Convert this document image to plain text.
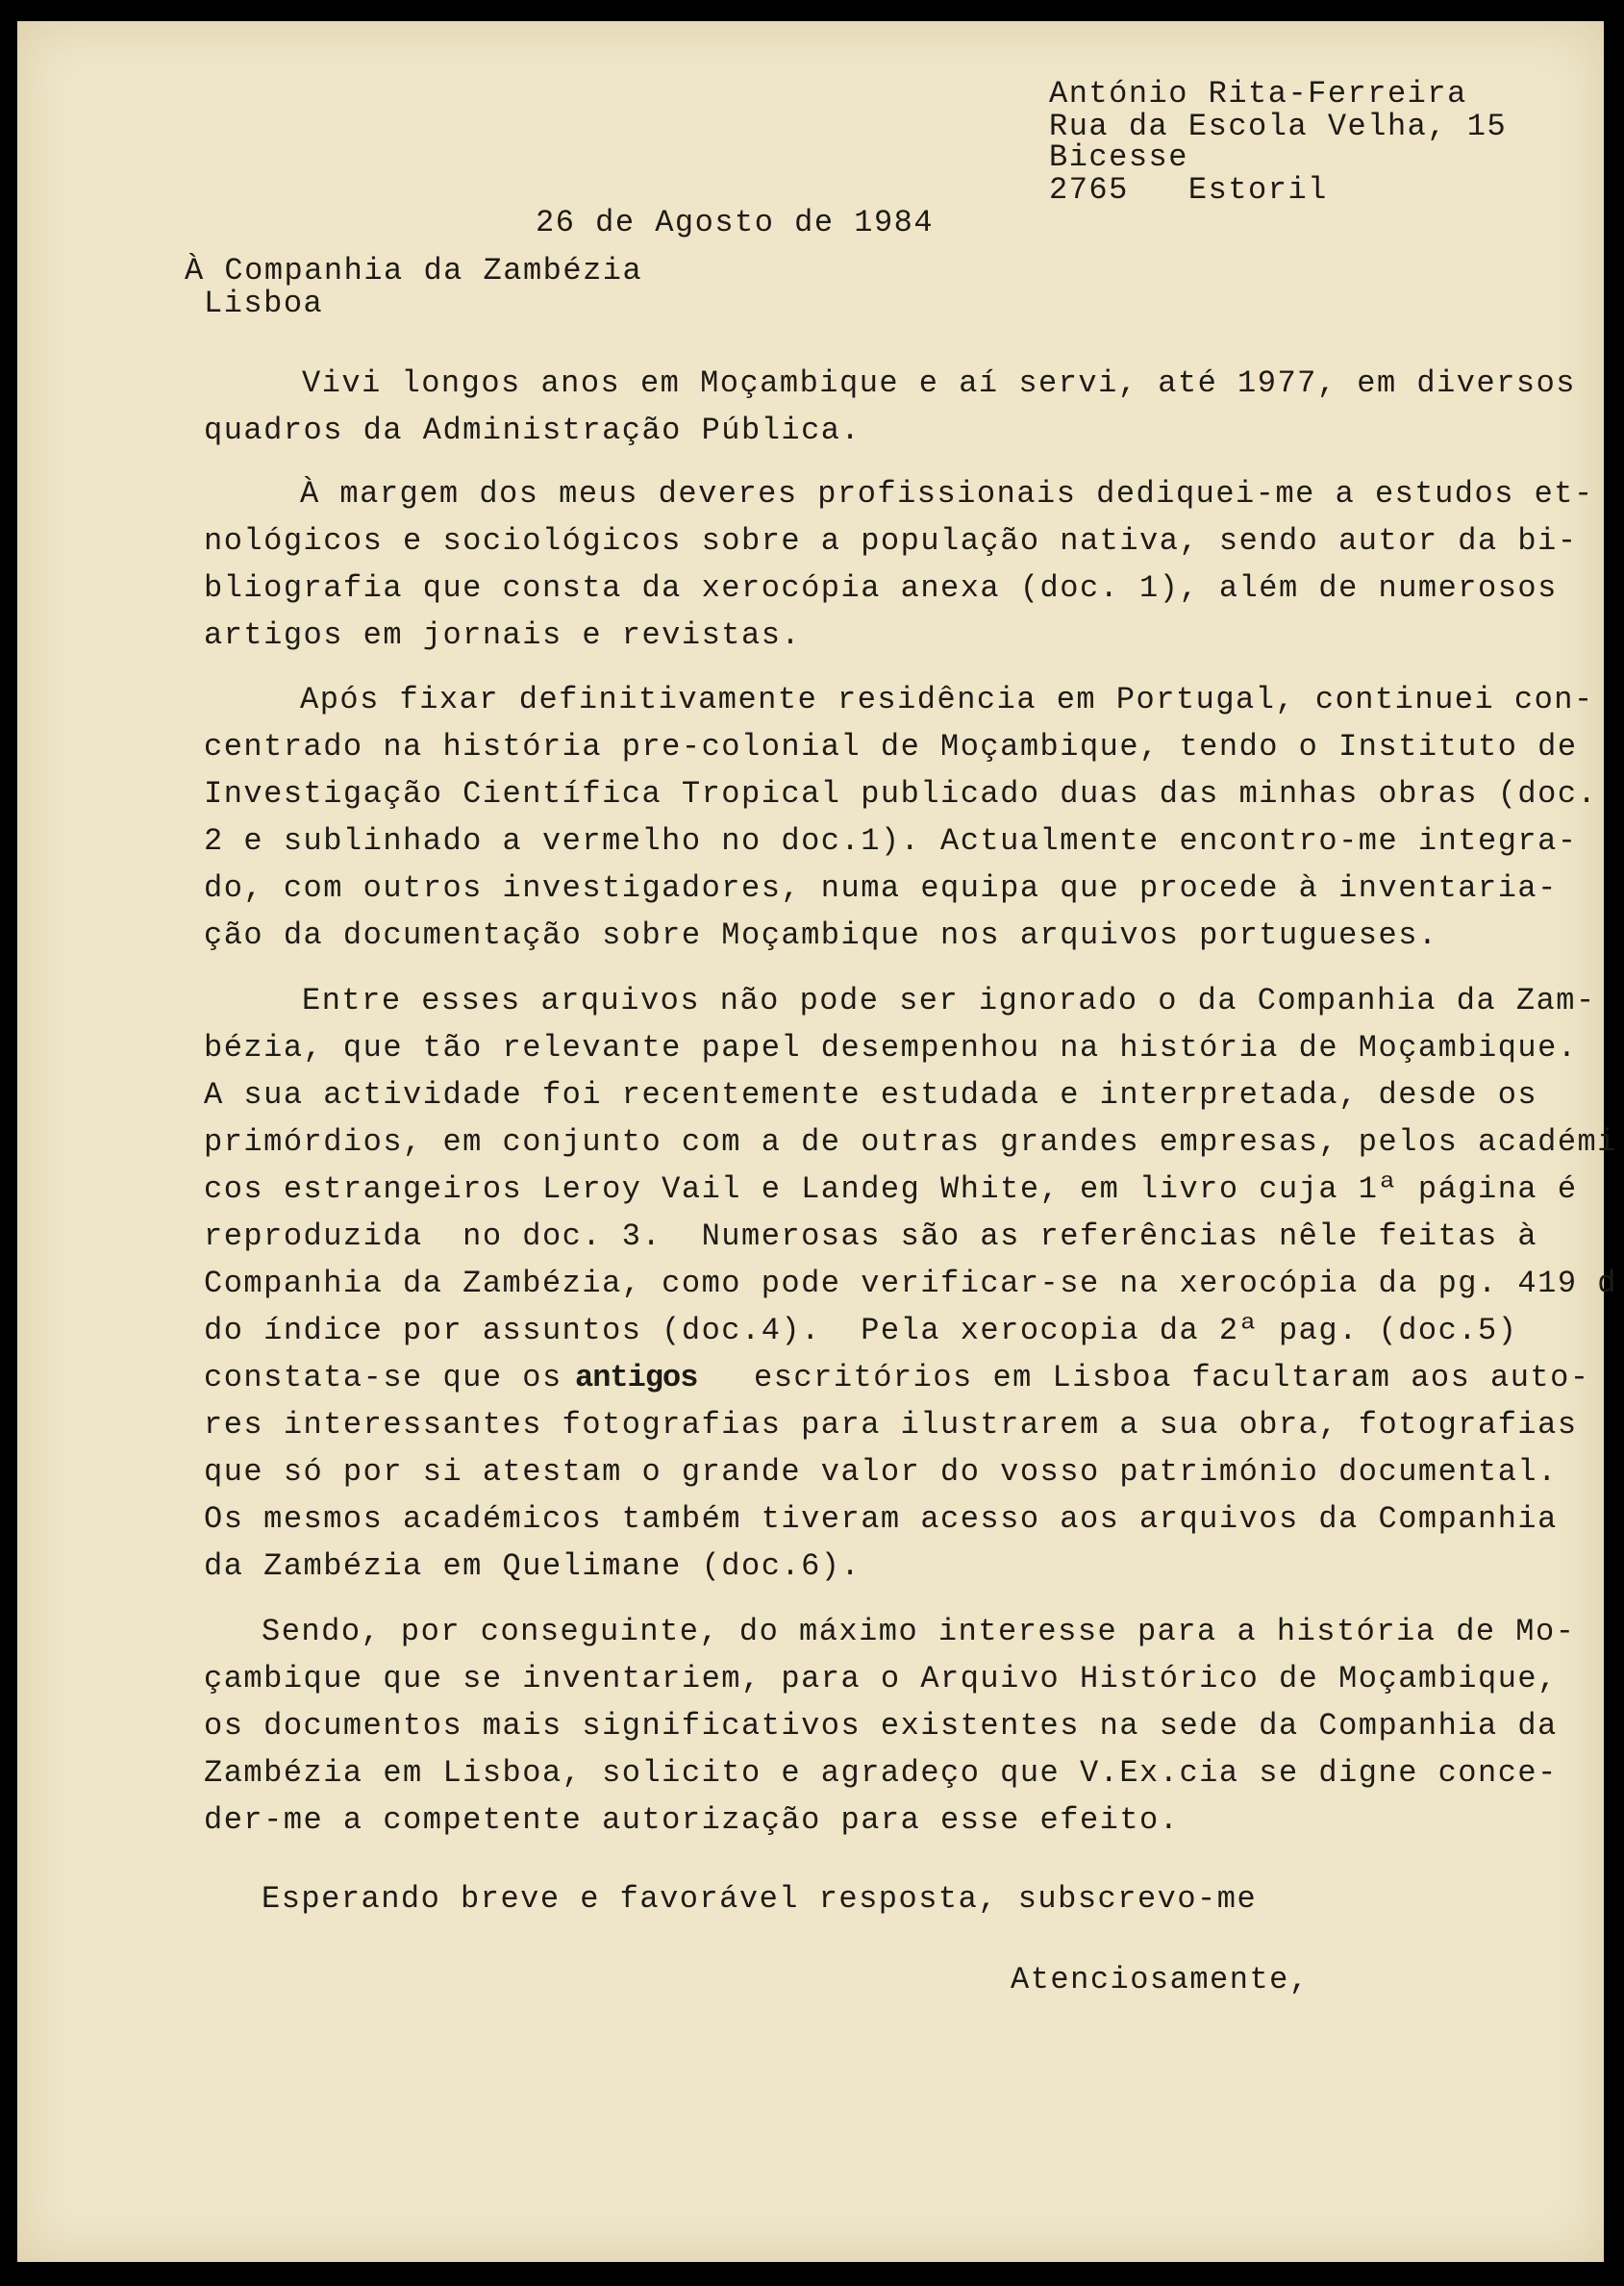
António Rita-Ferreira
Rua da Escola Velha, 15
Bicesse
2765   Estoril
26 de Agosto de 1984
À Companhia da Zambézia
Lisboa
Vivi longos anos em Moçambique e aí servi, até 1977, em diversos
quadros da Administração Pública.
À margem dos meus deveres profissionais dediquei-me a estudos et-
nológicos e sociológicos sobre a população nativa, sendo autor da bi-
bliografia que consta da xerocópia anexa (doc. 1), além de numerosos
artigos em jornais e revistas.
Após fixar definitivamente residência em Portugal, continuei con-
centrado na história pre-colonial de Moçambique, tendo o Instituto de
Investigação Científica Tropical publicado duas das minhas obras (doc.
2 e sublinhado a vermelho no doc.1). Actualmente encontro-me integra-
do, com outros investigadores, numa equipa que procede à inventaria-
ção da documentação sobre Moçambique nos arquivos portugueses.
Entre esses arquivos não pode ser ignorado o da Companhia da Zam-
bézia, que tão relevante papel desempenhou na história de Moçambique.
A sua actividade foi recentemente estudada e interpretada, desde os
primórdios, em conjunto com a de outras grandes empresas, pelos académi
cos estrangeiros Leroy Vail e Landeg White, em livro cuja 1ª página é
reproduzida  no doc. 3.  Numerosas são as referências nêle feitas à
Companhia da Zambézia, como pode verificar-se na xerocópia da pg. 419 d
do índice por assuntos (doc.4).  Pela xerocopia da 2ª pag. (doc.5)
constata-se que os antigos escritórios em Lisboa facultaram aos auto-
res interessantes fotografias para ilustrarem a sua obra, fotografias
que só por si atestam o grande valor do vosso património documental.
Os mesmos académicos também tiveram acesso aos arquivos da Companhia
da Zambézia em Quelimane (doc.6).
Sendo, por conseguinte, do máximo interesse para a história de Mo-
çambique que se inventariem, para o Arquivo Histórico de Moçambique,
os documentos mais significativos existentes na sede da Companhia da
Zambézia em Lisboa, solicito e agradeço que V.Ex.cia se digne conce-
der-me a competente autorização para esse efeito.
Esperando breve e favorável resposta, subscrevo-me
Atenciosamente,
